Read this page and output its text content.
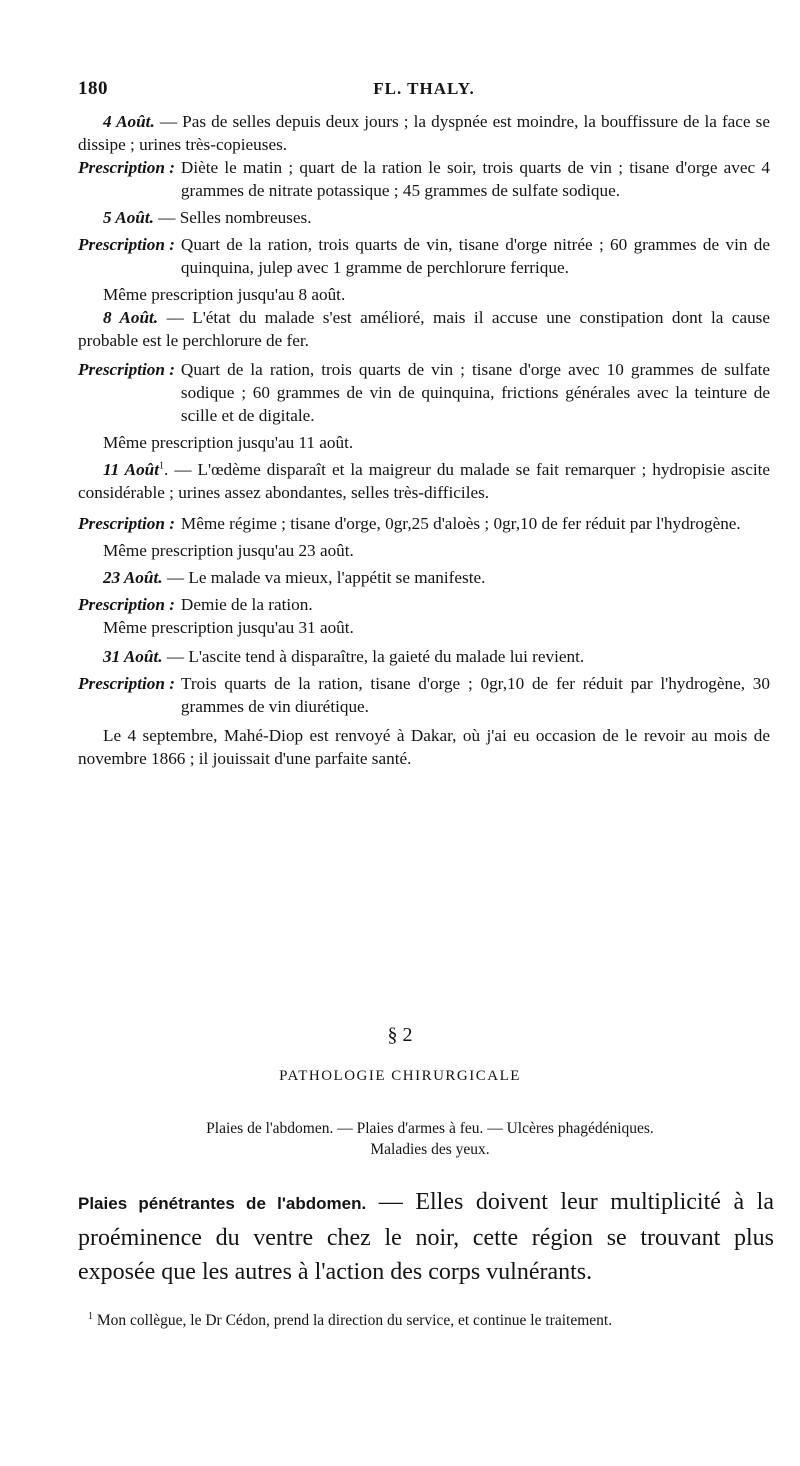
180	FL. THALY.

4 Août. — Pas de selles depuis deux jours ; la dyspnée est moindre, la bouffissure de la face se dissipe ; urines très-copieuses.

Prescription : Diète le matin ; quart de la ration le soir, trois quarts de vin ; tisane d'orge avec 4 grammes de nitrate potassique ; 45 grammes de sulfate sodique.

5 Août. — Selles nombreuses.

Prescription : Quart de la ration, trois quarts de vin, tisane d'orge nitrée ; 60 grammes de vin de quinquina, julep avec 1 gramme de perchlorure ferrique.

Même prescription jusqu'au 8 août.

8 Août. — L'état du malade s'est amélioré, mais il accuse une constipation dont la cause probable est le perchlorure de fer.

Prescription : Quart de la ration, trois quarts de vin ; tisane d'orge avec 10 grammes de sulfate sodique ; 60 grammes de vin de quinquina, frictions générales avec la teinture de scille et de digitale.

Même prescription jusqu'au 11 août.

11 Août$^1$. — L'œdème disparaît et la maigreur du malade se fait remarquer ; hydropisie ascite considérable ; urines assez abondantes, selles très-difficiles.

Prescription : Même régime ; tisane d'orge, 0gr,25 d'aloès ; 0gr,10 de fer réduit par l'hydrogène.

Même prescription jusqu'au 23 août.

23 Août. — Le malade va mieux, l'appétit se manifeste.

Prescription : Demie de la ration.

Même prescription jusqu'au 31 août.

31 Août. — L'ascite tend à disparaître, la gaieté du malade lui revient.

Prescription : Trois quarts de la ration, tisane d'orge ; 0gr,10 de fer réduit par l'hydrogène, 30 grammes de vin diurétique.

Le 4 septembre, Mahé-Diop est renvoyé à Dakar, où j'ai eu occasion de le revoir au mois de novembre 1866 ; il jouissait d'une parfaite santé.

§ 2
PATHOLOGIE CHIRURGICALE
Plaies de l'abdomen. — Plaies d'armes à feu. — Ulcères phagédéniques.
Maladies des yeux.
Plaies pénétrantes de l'abdomen. — Elles doivent leur multiplicité à la proéminence du ventre chez le noir, cette région se trouvant plus exposée que les autres à l'action des corps vulnérants.
$^1$ Mon collègue, le Dr Cédon, prend la direction du service, et continue le traitement.
